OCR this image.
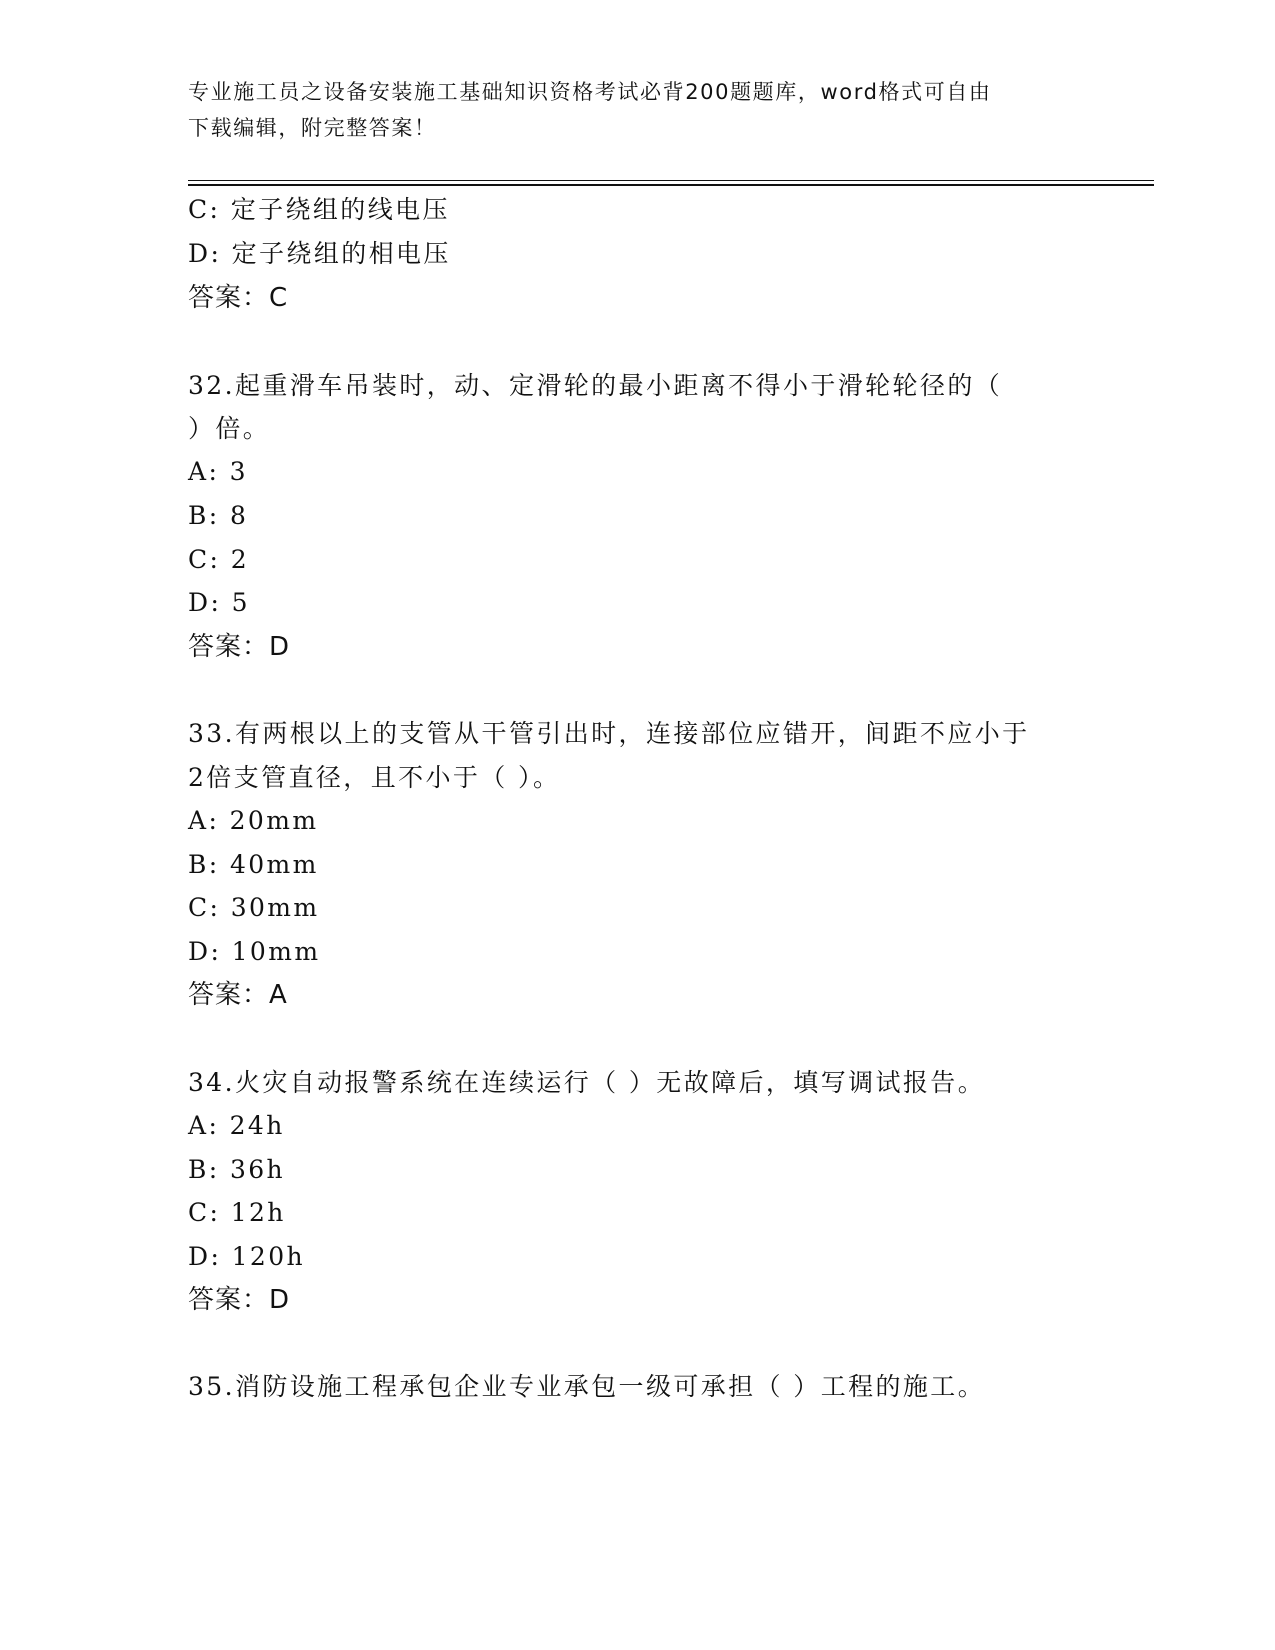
专业施工员之设备安装施工基础知识资格考试必背200题题库，word格式可自由
下载编辑，附完整答案！
C: 定子绕组的线电压
D: 定子绕组的相电压
答案：C
32.起重滑车吊装时，动、定滑轮的最小距离不得小于滑轮轮径的（
）倍。
A: 3
B: 8
C: 2
D: 5
答案：D
33.有两根以上的支管从干管引出时，连接部位应错开，间距不应小于
2倍支管直径，且不小于（ ）。
A: 20mm
B: 40mm
C: 30mm
D: 10mm
答案：A
34.火灾自动报警系统在连续运行（ ）无故障后，填写调试报告。
A: 24h
B: 36h
C: 12h
D: 120h
答案：D
35.消防设施工程承包企业专业承包一级可承担（ ）工程的施工。
